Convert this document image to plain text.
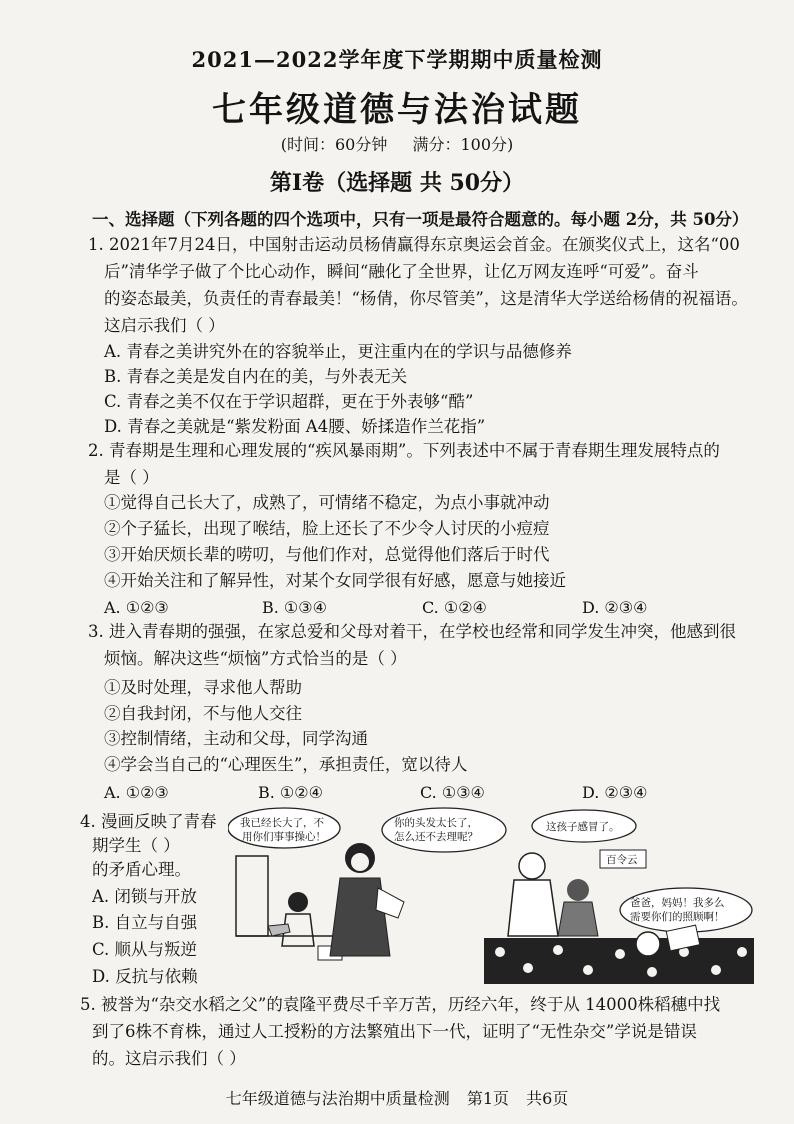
2021—2022学年度下学期期中质量检测
七年级道德与法治试题
(时间：60分钟 满分：100分)
第Ⅰ卷（选择题 共 50分）
一、选择题（下列各题的四个选项中，只有一项是最符合题意的。每小题 2分，共 50分）
1. 2021年7月24日，中国射击运动员杨倩赢得东京奥运会首金。在颁奖仪式上，这名“00
后”清华学子做了个比心动作，瞬间“融化了全世界，让亿万网友连呼“可爱”。奋斗
的姿态最美，负责任的青春最美！“杨倩，你尽管美”，这是清华大学送给杨倩的祝福语。
这启示我们（ ）
A. 青春之美讲究外在的容貌举止，更注重内在的学识与品德修养
B. 青春之美是发自内在的美，与外表无关
C. 青春之美不仅在于学识超群，更在于外表够“酷”
D. 青春之美就是“紫发粉面 A4腰、娇揉造作兰花指”
2. 青春期是生理和心理发展的“疾风暴雨期”。下列表述中不属于青春期生理发展特点的
是（ ）
①觉得自己长大了，成熟了，可情绪不稳定，为点小事就冲动
②个子猛长，出现了喉结，脸上还长了不少令人讨厌的小痘痘
③开始厌烦长辈的唠叨，与他们作对，总觉得他们落后于时代
④开始关注和了解异性，对某个女同学很有好感，愿意与她接近
A. ①②③	B. ①③④	C. ①②④	D. ②③④
3. 进入青春期的强强，在家总爱和父母对着干，在学校也经常和同学发生冲突，他感到很
烦恼。解决这些“烦恼”方式恰当的是（ ）
①及时处理，寻求他人帮助
②自我封闭，不与他人交往
③控制情绪，主动和父母，同学沟通
④学会当自己的“心理医生”，承担责任，宽以待人
A. ①②③	B. ①②④	C. ①③④	D. ②③④
4. 漫画反映了青春
期学生（ ）
的矛盾心理。
A. 闭锁与开放
B. 自立与自强
C. 顺从与叛逆
D. 反抗与依赖
我已经长大了，不
用你们事事操心！
你的头发太长了，
怎么还不去理呢？
这孩子感冒了。
百令云
爸爸，妈妈！我多么
需要你们的照顾啊！
5. 被誉为“杂交水稻之父”的袁隆平费尽千辛万苦，历经六年，终于从 14000株稻穗中找
到了6株不育株，通过人工授粉的方法繁殖出下一代，证明了“无性杂交”学说是错误
的。这启示我们（ ）
七年级道德与法治期中质量检测 第1页 共6页
